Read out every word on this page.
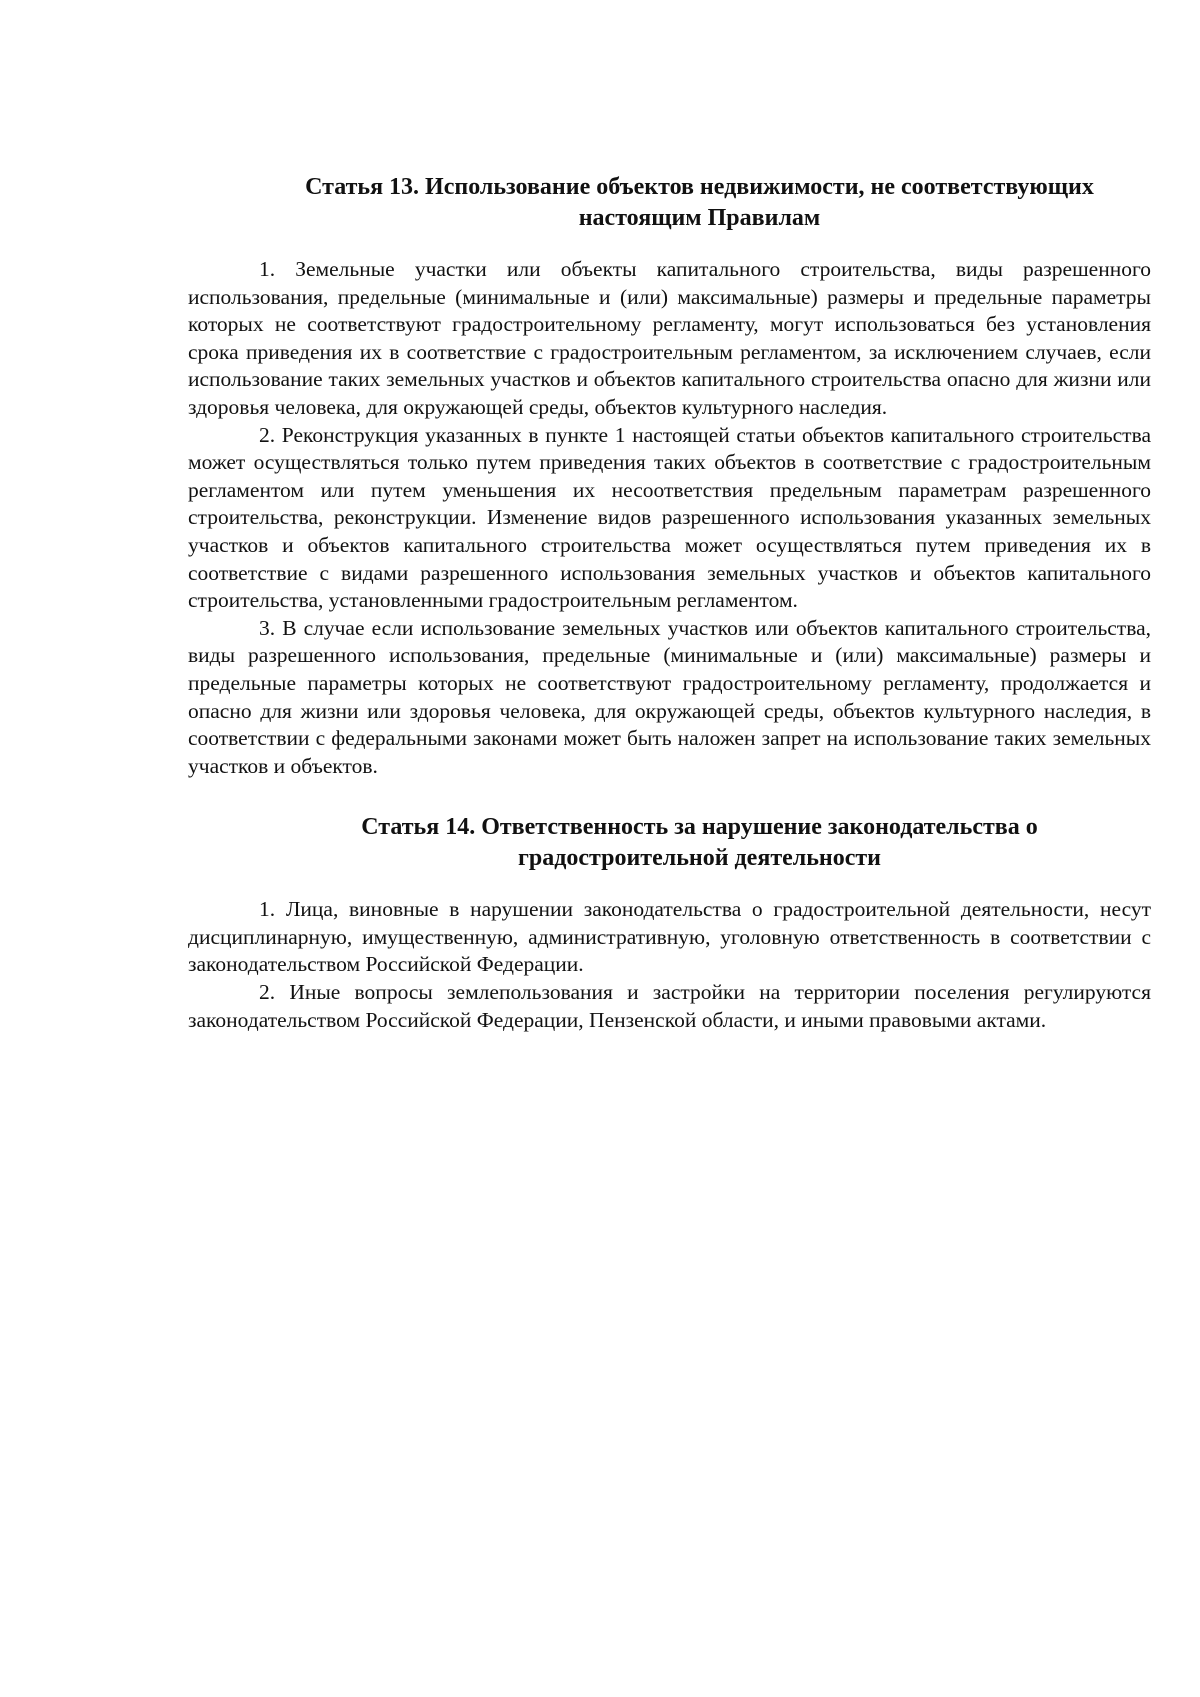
Статья 13. Использование объектов недвижимости, не соответствующих
настоящим Правилам

1. Земельные участки или объекты капитального строительства, виды разрешенного использования, предельные (минимальные и (или) максимальные) размеры и предельные параметры которых не соответствуют градостроительному регламенту, могут использоваться без установления срока приведения их в соответствие с градостроительным регламентом, за исключением случаев, если использование таких земельных участков и объектов капитального строительства опасно для жизни или здоровья человека, для окружающей среды, объектов культурного наследия.

2. Реконструкция указанных в пункте 1 настоящей статьи объектов капитального строительства может осуществляться только путем приведения таких объектов в соответствие с градостроительным регламентом или путем уменьшения их несоответствия предельным параметрам разрешенного строительства, реконструкции. Изменение видов разрешенного использования указанных земельных участков и объектов капитального строительства может осуществляться путем приведения их в соответствие с видами разрешенного использования земельных участков и объектов капитального строительства, установленными градостроительным регламентом.

3. В случае если использование земельных участков или объектов капитального строительства, виды разрешенного использования, предельные (минимальные и (или) максимальные) размеры и предельные параметры которых не соответствуют градостроительному регламенту, продолжается и опасно для жизни или здоровья человека, для окружающей среды, объектов культурного наследия, в соответствии с федеральными законами может быть наложен запрет на использование таких земельных участков и объектов.

Статья 14. Ответственность за нарушение законодательства о
градостроительной деятельности

1. Лица, виновные в нарушении законодательства о градостроительной деятельности, несут дисциплинарную, имущественную, административную, уголовную ответственность в соответствии с законодательством Российской Федерации.

2. Иные вопросы землепользования и застройки на территории поселения регулируются законодательством Российской Федерации, Пензенской области, и иными правовыми актами.
